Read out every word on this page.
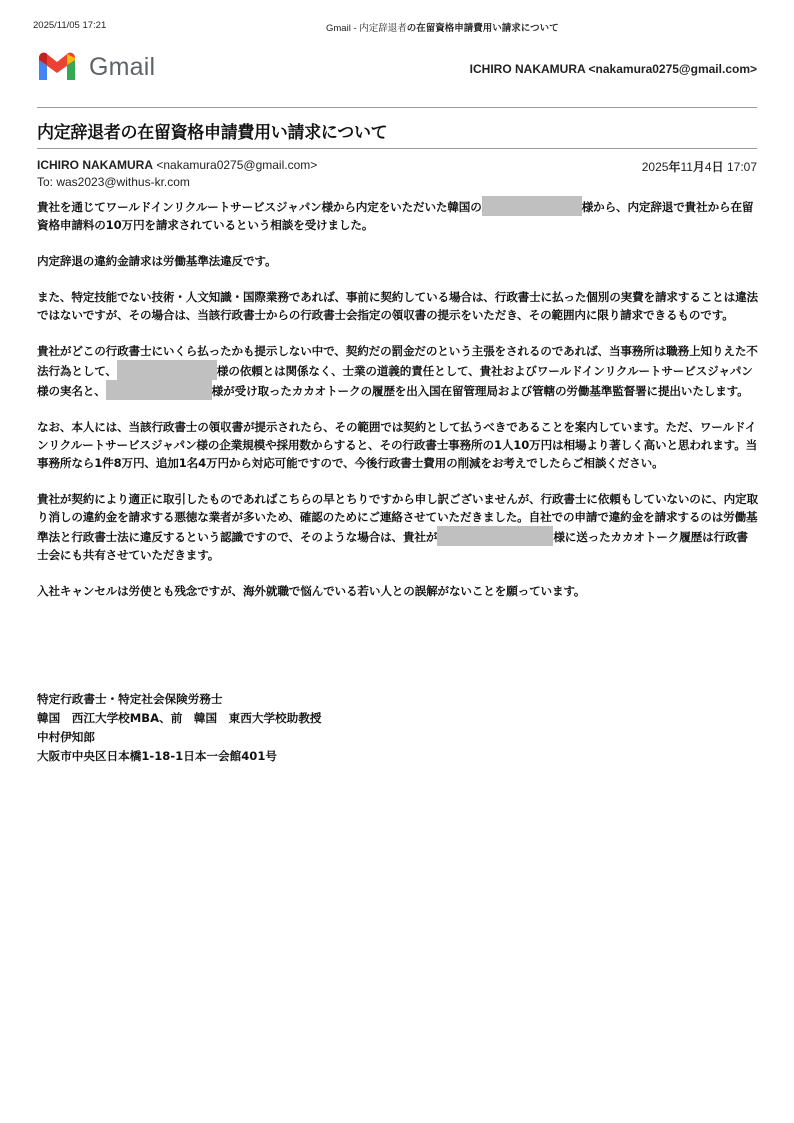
2025/11/05 17:21	Gmail - 内定辞退者の在留資格申請費用い請求について
Gmail	ICHIRO NAKAMURA <nakamura0275@gmail.com>
内定辞退者の在留資格申請費用い請求について
ICHIRO NAKAMURA <nakamura0275@gmail.com>	2025年11月4日 17:07
To: was2023@withus-kr.com

貴社を通じてワールドインリクルートサービスジャパン様から内定をいただいた韓国の	様から、内定辞退で貴社から在留資格申請料の10万円を請求されているという相談を受けました。

内定辞退の違約金請求は労働基準法違反です。

また、特定技能でない技術・人文知識・国際業務であれば、事前に契約している場合は、行政書士に払った個別の実費を請求することは違法ではないですが、その場合は、当該行政書士からの行政書士会指定の領収書の提示をいただき、その範囲内に限り請求できるものです。

貴社がどこの行政書士にいくら払ったかも提示しない中で、契約だの罰金だのという主張をされるのであれば、当事務所は職務上知りえた不法行為として、	様の依頼とは関係なく、士業の道義的責任として、貴社およびワールドインリクルートサービスジャパン様の実名と、	様が受け取ったカカオトークの履歴を出入国在留管理局および管轄の労働基準監督署に提出いたします。

なお、本人には、当該行政書士の領収書が提示されたら、その範囲では契約として払うべきであることを案内しています。ただ、ワールドインリクルートサービスジャパン様の企業規模や採用数からすると、その行政書士事務所の1人10万円は相場より著しく高いと思われます。当事務所なら1件8万円、追加1名4万円から対応可能ですので、今後行政書士費用の削減をお考えでしたらご相談ください。

貴社が契約により適正に取引したものであればこちらの早とちりですから申し訳ございませんが、行政書士に依頼もしていないのに、内定取り消しの違約金を請求する悪徳な業者が多いため、確認のためにご連絡させていただきました。自社での申請で違約金を請求するのは労働基準法と行政書士法に違反するという認識ですので、そのような場合は、貴社が	様に送ったカカオトーク履歴は行政書士会にも共有させていただきます。

入社キャンセルは労使とも残念ですが、海外就職で悩んでいる若い人との誤解がないことを願っています。

特定行政書士・特定社会保険労務士
韓国　西江大学校MBA、前　韓国　東西大学校助教授
中村伊知郎
大阪市中央区日本橋1-18-1日本一会館401号
